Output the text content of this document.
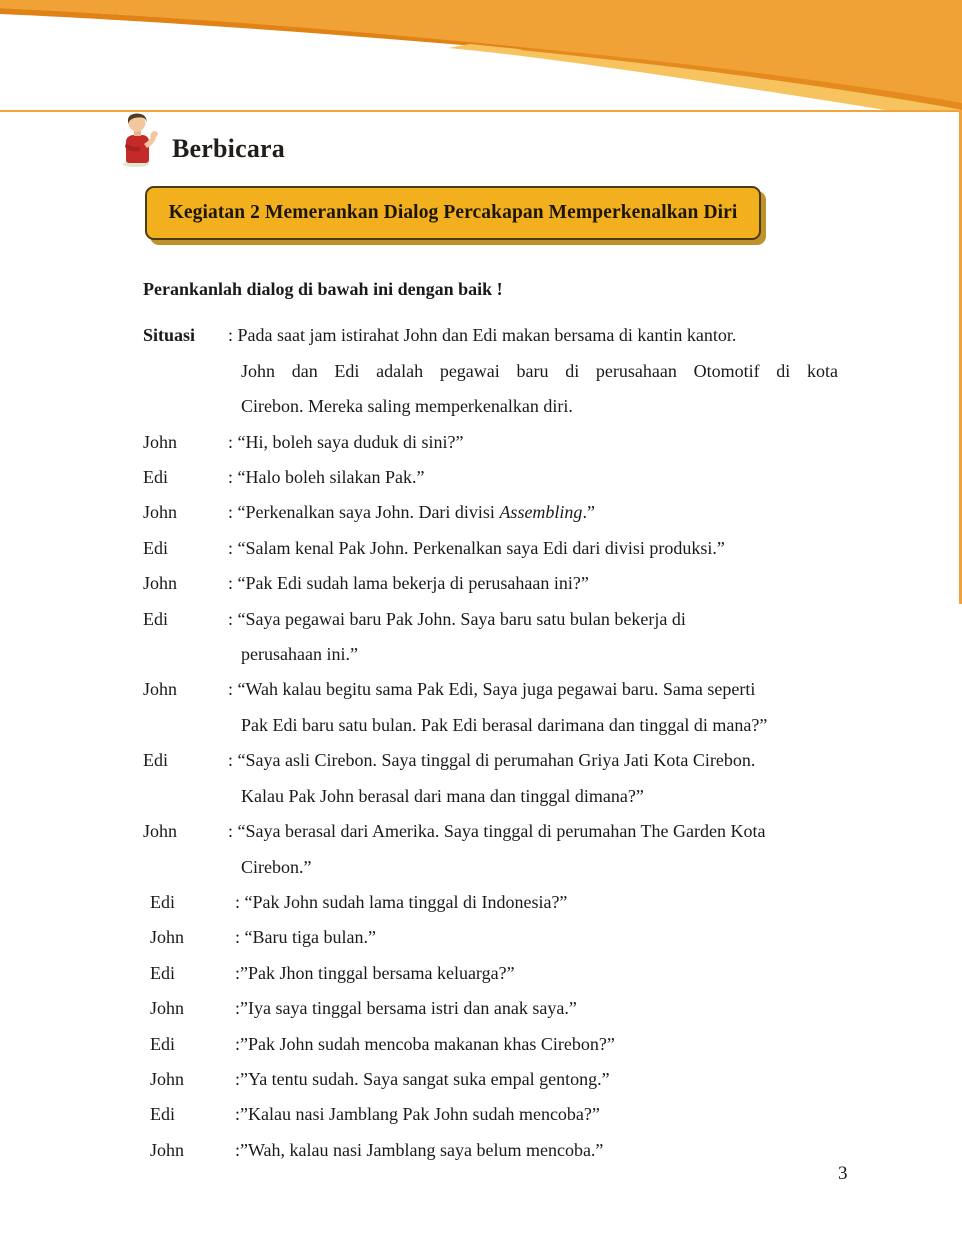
Berbicara
Kegiatan 2 Memerankan Dialog Percakapan Memperkenalkan Diri
Perankanlah dialog di bawah ini dengan baik !
Situasi	: Pada saat jam istirahat John dan Edi makan bersama di kantin kantor.
John dan Edi adalah pegawai baru di perusahaan Otomotif di kota
Cirebon. Mereka saling memperkenalkan diri.
John	: “Hi, boleh saya duduk di sini?”
Edi	: “Halo boleh silakan Pak.”
John	: “Perkenalkan saya John. Dari divisi Assembling.”
Edi	: “Salam kenal Pak John. Perkenalkan saya Edi dari divisi produksi.”
John	: “Pak Edi sudah lama bekerja di perusahaan ini?”
Edi	: “Saya pegawai baru Pak John. Saya baru satu bulan bekerja di
perusahaan ini.”
John	: “Wah kalau begitu sama Pak Edi, Saya juga pegawai baru. Sama seperti
Pak Edi baru satu bulan. Pak Edi berasal darimana dan tinggal di mana?”
Edi	: “Saya asli Cirebon. Saya tinggal di perumahan Griya Jati Kota Cirebon.
Kalau Pak John berasal dari mana dan tinggal dimana?”
John	: “Saya berasal dari Amerika. Saya tinggal di perumahan The Garden Kota
Cirebon.”
Edi	: “Pak John sudah lama tinggal di Indonesia?”
John	: “Baru tiga bulan.”
Edi	:”Pak Jhon tinggal bersama keluarga?”
John	:”Iya saya tinggal bersama istri dan anak saya.”
Edi	:”Pak John sudah mencoba makanan khas Cirebon?”
John	:”Ya tentu sudah. Saya sangat suka empal gentong.”
Edi	:”Kalau nasi Jamblang Pak John sudah mencoba?”
John	:”Wah, kalau nasi Jamblang saya belum mencoba.”
3
